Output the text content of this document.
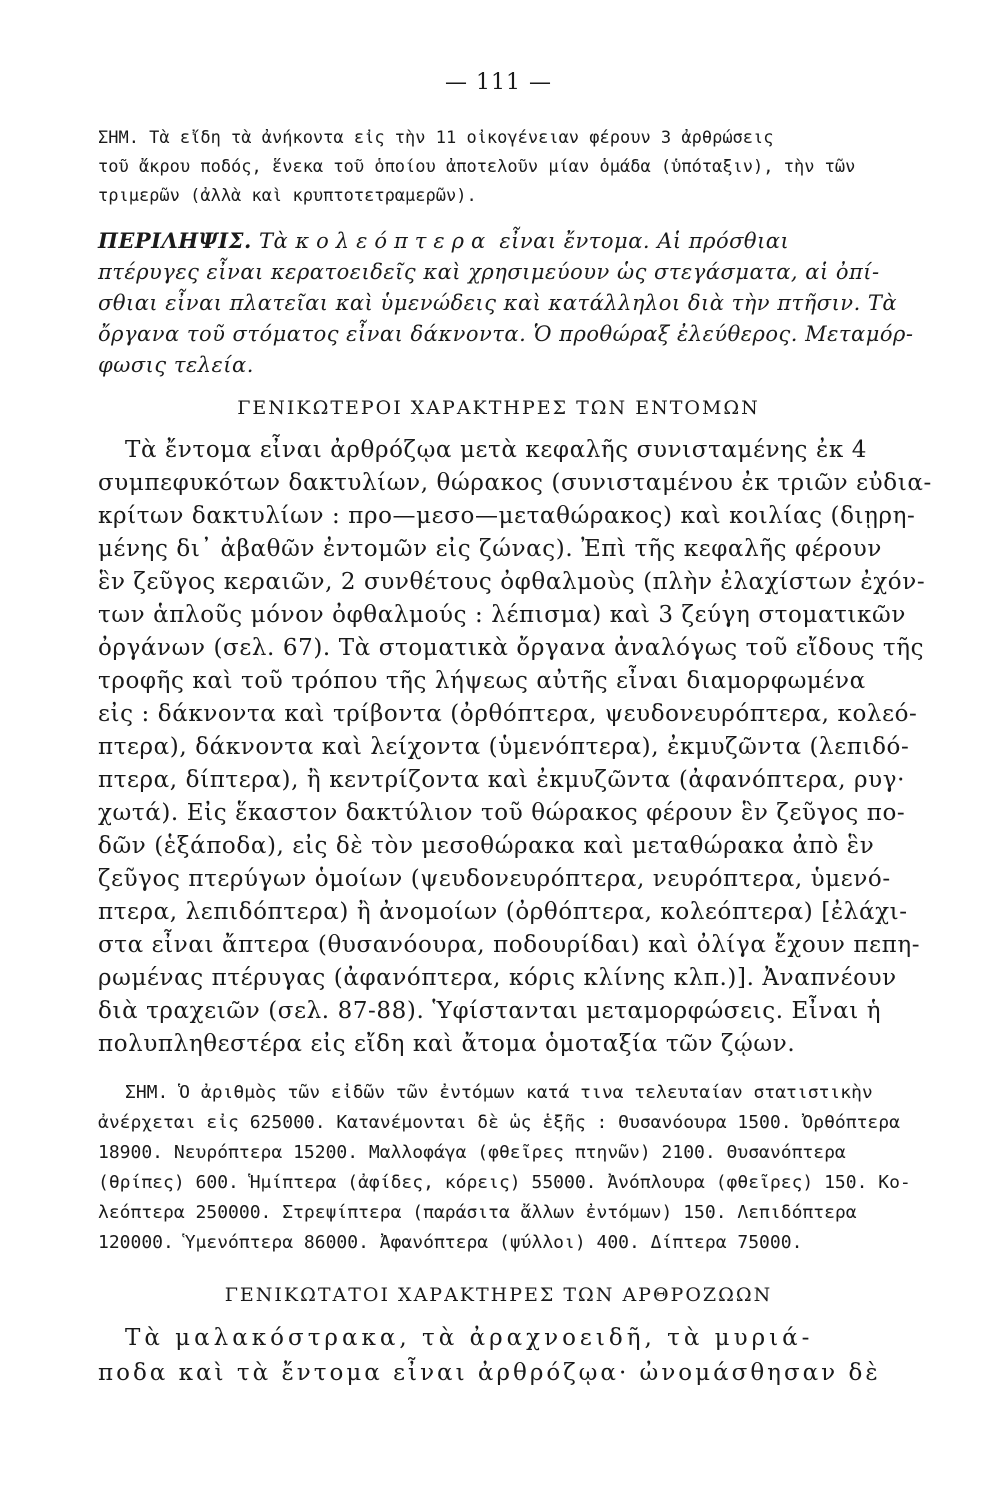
— 111 —
ΣΗΜ. Τὰ εἴδη τὰ ἀνήκοντα εἰς τὴν 11 οἰκογένειαν φέρουν 3 ἀρθρώσεις
τοῦ ἄκρου ποδός, ἕνεκα τοῦ ὁποίου ἀποτελοῦν μίαν ὁμάδα (ὑπόταξιν), τὴν τῶν
τριμερῶν (ἀλλὰ καὶ κρυπτοτετραμερῶν).
ΠΕΡΙΛΗΨΙΣ. Τὰ κολεόπτερα εἶναι ἔντομα. Αἱ πρόσθιαι
πτέρυγες εἶναι κερατοειδεῖς καὶ χρησιμεύουν ὡς στεγάσματα, αἱ ὀπί-
σθιαι εἶναι πλατεῖαι καὶ ὑμενώδεις καὶ κατάλληλοι διὰ τὴν πτῆσιν. Τὰ
ὄργανα τοῦ στόματος εἶναι δάκνοντα. Ὁ προθώραξ ἐλεύθερος. Μεταμόρ-
φωσις τελεία.
ΓΕΝΙΚΩΤΕΡΟΙ ΧΑΡΑΚΤΗΡΕΣ ΤΩΝ ΕΝΤΟΜΩΝ
Τὰ ἔντομα εἶναι ἀρθρόζῳα μετὰ κεφαλῆς συνισταμένης ἐκ 4
συμπεφυκότων δακτυλίων, θώρακος (συνισταμένου ἐκ τριῶν εὐδια-
κρίτων δακτυλίων : προ—μεσο—μεταθώρακος) καὶ κοιλίας (διῃρη-
μένης δι᾽ ἀβαθῶν ἐντομῶν εἰς ζώνας). Ἐπὶ τῆς κεφαλῆς φέρουν
ἓν ζεῦγος κεραιῶν, 2 συνθέτους ὀφθαλμοὺς (πλὴν ἐλαχίστων ἐχόν-
των ἁπλοῦς μόνον ὀφθαλμούς : λέπισμα) καὶ 3 ζεύγη στοματικῶν
ὀργάνων (σελ. 67). Τὰ στοματικὰ ὄργανα ἀναλόγως τοῦ εἴδους τῆς
τροφῆς καὶ τοῦ τρόπου τῆς λήψεως αὐτῆς εἶναι διαμορφωμένα
εἰς : δάκνοντα καὶ τρίβοντα (ὀρθόπτερα, ψευδονευρόπτερα, κολεό-
πτερα), δάκνοντα καὶ λείχοντα (ὑμενόπτερα), ἐκμυζῶντα (λεπιδό-
πτερα, δίπτερα), ἢ κεντρίζοντα καὶ ἐκμυζῶντα (ἀφανόπτερα, ρυγ·
χωτά). Εἰς ἕκαστον δακτύλιον τοῦ θώρακος φέρουν ἓν ζεῦγος πο-
δῶν (ἑξάποδα), εἰς δὲ τὸν μεσοθώρακα καὶ μεταθώρακα ἀπὸ ἓν
ζεῦγος πτερύγων ὁμοίων (ψευδονευρόπτερα, νευρόπτερα, ὑμενό-
πτερα, λεπιδόπτερα) ἢ ἀνομοίων (ὀρθόπτερα, κολεόπτερα) [ἐλάχι-
στα εἶναι ἄπτερα (θυσανόουρα, ποδουρίδαι) καὶ ὀλίγα ἔχουν πεπη-
ρωμένας πτέρυγας (ἀφανόπτερα, κόρις κλίνης κλπ.)]. Ἀναπνέουν
διὰ τραχειῶν (σελ. 87-88). Ὑφίστανται μεταμορφώσεις. Εἶναι ἡ
πολυπληθεστέρα εἰς εἴδη καὶ ἄτομα ὁμοταξία τῶν ζῴων.
ΣΗΜ. Ὁ ἀριθμὸς τῶν εἰδῶν τῶν ἐντόμων κατά τινα τελευταίαν στατιστικὴν
ἀνέρχεται εἰς 625000. Κατανέμονται δὲ ὡς ἑξῆς : Θυσανόουρα 1500. Ὀρθόπτερα
18900. Νευρόπτερα 15200. Μαλλοφάγα (φθεῖρες πτηνῶν) 2100. Θυσανόπτερα
(θρίπες) 600. Ἡμίπτερα (ἀφίδες, κόρεις) 55000. Ἀνόπλουρα (φθεῖρες) 150. Κο-
λεόπτερα 250000. Στρεψίπτερα (παράσιτα ἄλλων ἐντόμων) 150. Λεπιδόπτερα
120000. Ὑμενόπτερα 86000. Ἀφανόπτερα (ψύλλοι) 400. Δίπτερα 75000.
ΓΕΝΙΚΩΤΑΤΟΙ ΧΑΡΑΚΤΗΡΕΣ ΤΩΝ ΑΡΘΡΟΖΩΩΝ
Τὰ μαλακόστρακα, τὰ ἀραχνοειδῆ, τὰ μυριά-
ποδα καὶ τὰ ἔντομα εἶναι ἀρθρόζῳα· ὠνομάσθησαν δὲ
